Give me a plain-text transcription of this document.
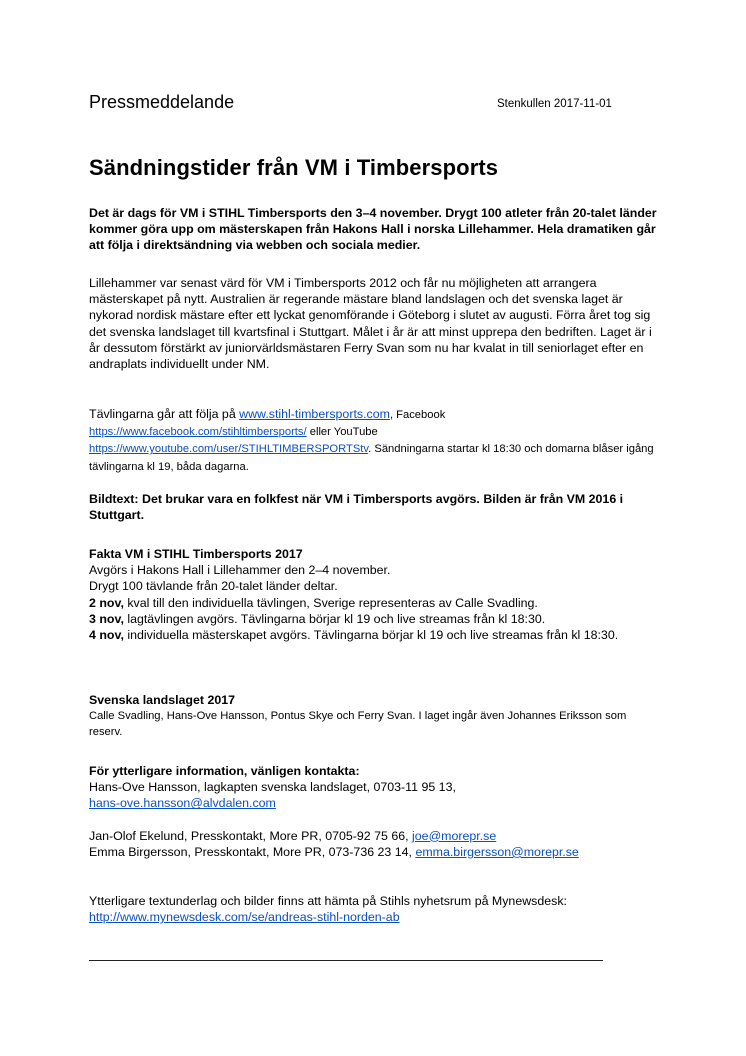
Pressmeddelande	Stenkullen 2017-11-01
Sändningstider från VM i Timbersports

Det är dags för VM i STIHL Timbersports den 3–4 november. Drygt 100 atleter från 20-talet länder kommer göra upp om mästerskapen från Hakons Hall i norska Lillehammer. Hela dramatiken går att följa i direktsändning via webben och sociala medier.

Lillehammer var senast värd för VM i Timbersports 2012 och får nu möjligheten att arrangera mästerskapet på nytt. Australien är regerande mästare bland landslagen och det svenska laget är nykorad nordisk mästare efter ett lyckat genomförande i Göteborg i slutet av augusti. Förra året tog sig det svenska landslaget till kvartsfinal i Stuttgart. Målet i år är att minst upprepa den bedriften. Laget är i år dessutom förstärkt av juniorvärldsmästaren Ferry Svan som nu har kvalat in till seniorlaget efter en andraplats individuellt under NM.

Tävlingarna går att följa på www.stihl-timbersports.com, Facebook
https://www.facebook.com/stihltimbersports/ eller YouTube
https://www.youtube.com/user/STIHLTIMBERSPORTStv. Sändningarna startar kl 18:30 och domarna blåser igång tävlingarna kl 19, båda dagarna.

Bildtext: Det brukar vara en folkfest när VM i Timbersports avgörs. Bilden är från VM 2016 i Stuttgart.

Fakta VM i STIHL Timbersports 2017

Avgörs i Hakons Hall i Lillehammer den 2–4 november.

Drygt 100 tävlande från 20-talet länder deltar.

2 nov, kval till den individuella tävlingen, Sverige representeras av Calle Svadling.

3 nov, lagtävlingen avgörs. Tävlingarna börjar kl 19 och live streamas från kl 18:30.

4 nov, individuella mästerskapet avgörs. Tävlingarna börjar kl 19 och live streamas från kl 18:30.

Svenska landslaget 2017

Calle Svadling, Hans-Ove Hansson, Pontus Skye och Ferry Svan. I laget ingår även Johannes Eriksson som reserv.

För ytterligare information, vänligen kontakta:

Hans-Ove Hansson, lagkapten svenska landslaget, 0703-11 95 13,

hans-ove.hansson@alvdalen.com

Jan-Olof Ekelund, Presskontakt, More PR, 0705-92 75 66, joe@morepr.se

Emma Birgersson, Presskontakt, More PR, 073-736 23 14, emma.birgersson@morepr.se

Ytterligare textunderlag och bilder finns att hämta på Stihls nyhetsrum på Mynewsdesk:

http://www.mynewsdesk.com/se/andreas-stihl-norden-ab
